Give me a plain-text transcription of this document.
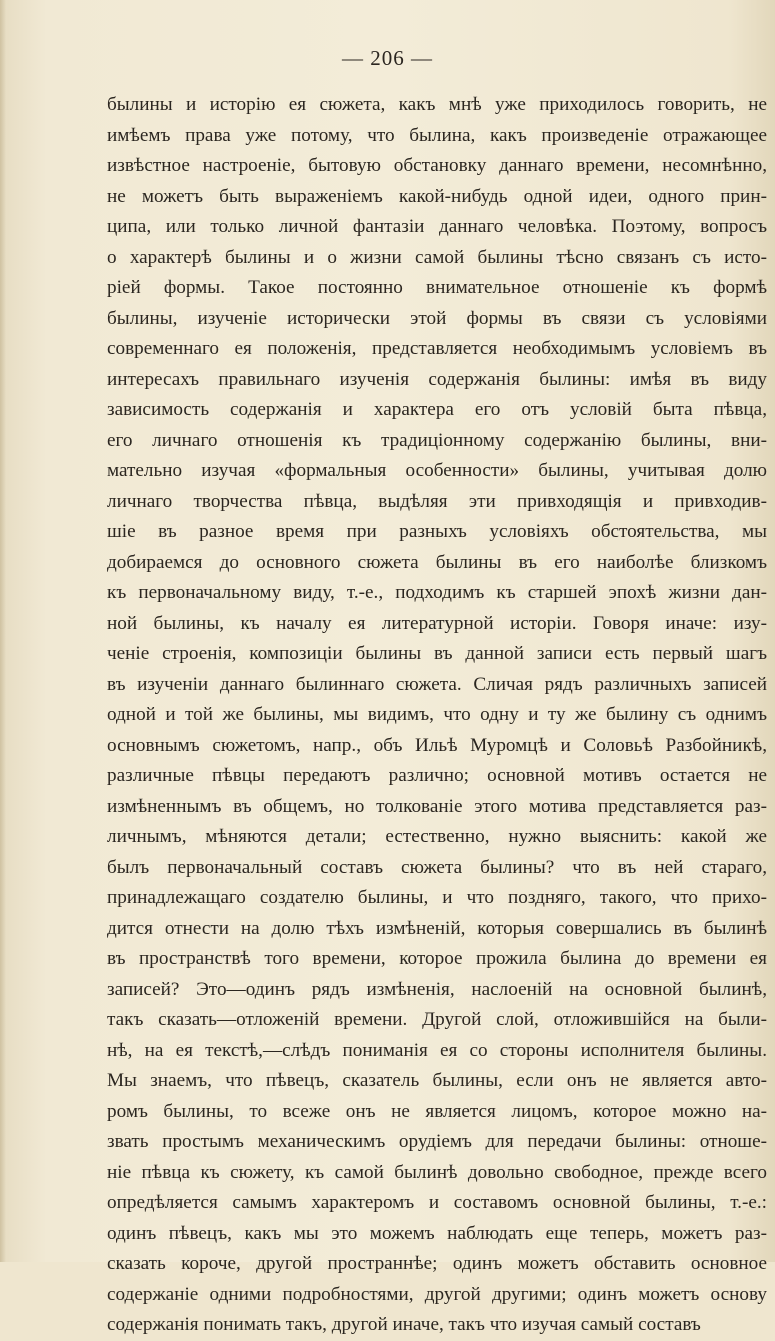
— 206 —
былины и исторію ея сюжета, какъ мнѣ уже приходилось говорить, не
имѣемъ права уже потому, что былина, какъ произведеніе отражающее
извѣстное настроеніе, бытовую обстановку даннаго времени, несомнѣнно,
не можетъ быть выраженіемъ какой-нибудь одной идеи, одного прин-
ципа, или только личной фантазіи даннаго человѣка. Поэтому, вопросъ
о характерѣ былины и о жизни самой былины тѣсно связанъ съ исто-
ріей формы. Такое постоянно внимательное отношеніе къ формѣ
былины, изученіе исторически этой формы въ связи съ условіями
современнаго ея положенія, представляется необходимымъ условіемъ въ
интересахъ правильнаго изученія содержанія былины: имѣя въ виду
зависимость содержанія и характера его отъ условій быта пѣвца,
его личнаго отношенія къ традиціонному содержанію былины, вни-
мательно изучая «формальныя особенности» былины, учитывая долю
личнаго творчества пѣвца, выдѣляя эти привходящія и привходив-
шіе въ разное время при разныхъ условіяхъ обстоятельства, мы
добираемся до основного сюжета былины въ его наиболѣе близкомъ
къ первоначальному виду, т.-е., подходимъ къ старшей эпохѣ жизни дан-
ной былины, къ началу ея литературной исторіи. Говоря иначе: изу-
ченіе строенія, композиціи былины въ данной записи есть первый шагъ
въ изученіи даннаго былиннаго сюжета. Сличая рядъ различныхъ записей
одной и той же былины, мы видимъ, что одну и ту же былину съ однимъ
основнымъ сюжетомъ, напр., объ Ильѣ Муромцѣ и Соловьѣ Разбойникѣ,
различные пѣвцы передаютъ различно; основной мотивъ остается не
измѣненнымъ въ общемъ, но толкованіе этого мотива представляется раз-
личнымъ, мѣняются детали; естественно, нужно выяснить: какой же
былъ первоначальный составъ сюжета былины? что въ ней стараго,
принадлежащаго создателю былины, и что поздняго, такого, что прихо-
дится отнести на долю тѣхъ измѣненій, которыя совершались въ былинѣ
въ пространствѣ того времени, которое прожила былина до времени ея
записей? Это—одинъ рядъ измѣненія, наслоеній на основной былинѣ,
такъ сказать—отложеній времени. Другой слой, отложившійся на были-
нѣ, на ея текстѣ,—слѣдъ пониманія ея со стороны исполнителя былины.
Мы знаемъ, что пѣвецъ, сказатель былины, если онъ не является авто-
ромъ былины, то всеже онъ не является лицомъ, которое можно на-
звать простымъ механическимъ орудіемъ для передачи былины: отноше-
ніе пѣвца къ сюжету, къ самой былинѣ довольно свободное, прежде всего
опредѣляется самымъ характеромъ и составомъ основной былины, т.-е.:
одинъ пѣвецъ, какъ мы это можемъ наблюдать еще теперь, можетъ раз-
сказать короче, другой пространнѣе; одинъ можетъ обставить основное
содержаніе одними подробностями, другой другими; одинъ можетъ основу
содержанія понимать такъ, другой иначе, такъ что изучая самый составъ
